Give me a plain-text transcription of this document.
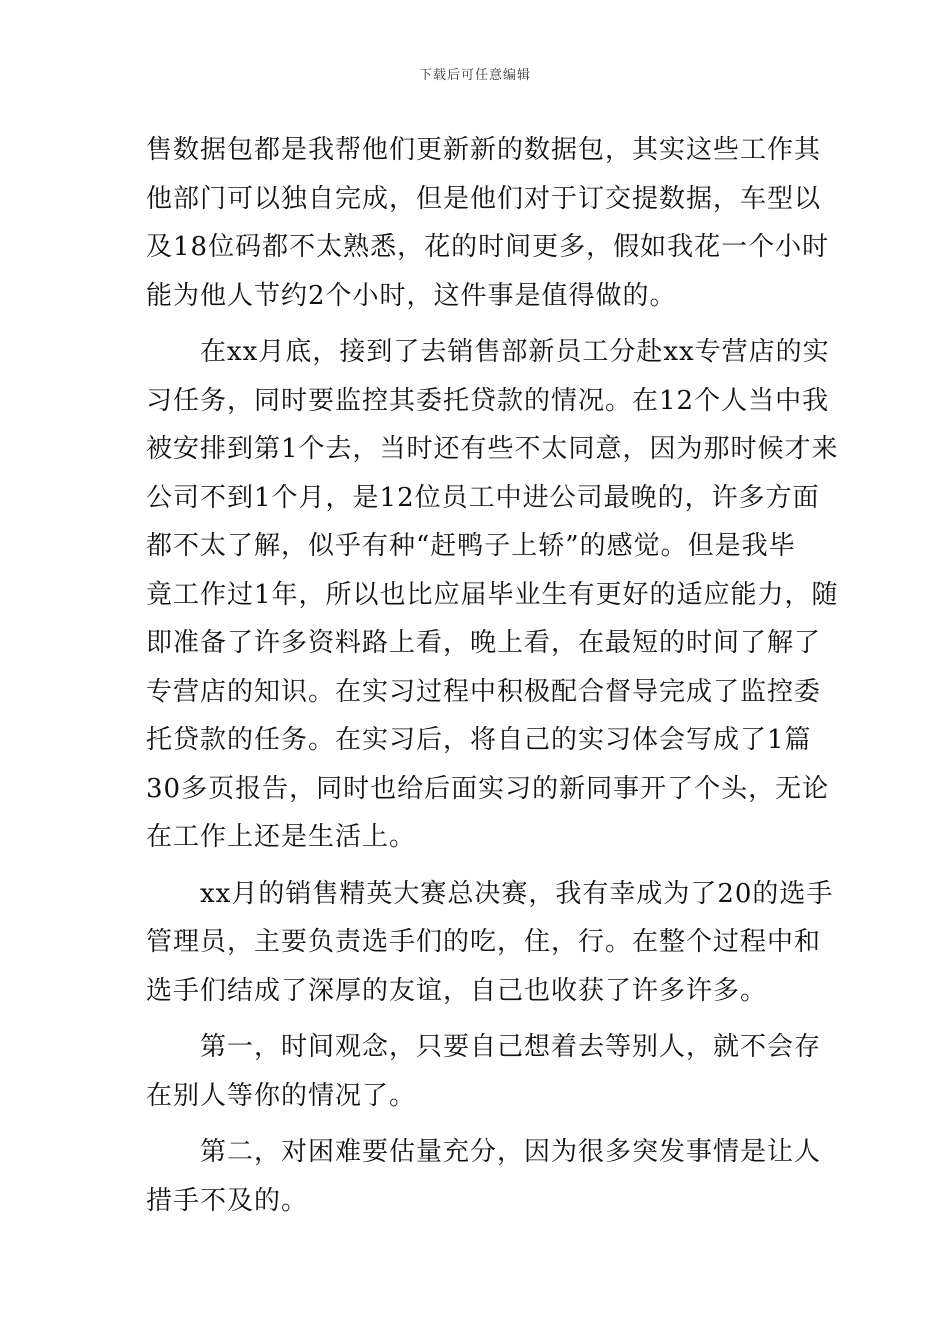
下载后可任意编辑
售数据包都是我帮他们更新新的数据包，其实这些工作其
他部门可以独自完成，但是他们对于订交提数据，车型以
及18位码都不太熟悉，花的时间更多，假如我花一个小时
能为他人节约2个小时，这件事是值得做的。
　　在xx月底，接到了去销售部新员工分赴xx专营店的实
习任务，同时要监控其委托贷款的情况。在12个人当中我
被安排到第1个去，当时还有些不太同意，因为那时候才来
公司不到1个月，是12位员工中进公司最晚的，许多方面
都不太了解，似乎有种“赶鸭子上轿”的感觉。但是我毕
竟工作过1年，所以也比应届毕业生有更好的适应能力，随
即准备了许多资料路上看，晚上看，在最短的时间了解了
专营店的知识。在实习过程中积极配合督导完成了监控委
托贷款的任务。在实习后，将自己的实习体会写成了1篇
30多页报告，同时也给后面实习的新同事开了个头，无论
在工作上还是生活上。
　　xx月的销售精英大赛总决赛，我有幸成为了20的选手
管理员，主要负责选手们的吃，住，行。在整个过程中和
选手们结成了深厚的友谊，自己也收获了许多许多。
　　第一，时间观念，只要自己想着去等别人，就不会存
在别人等你的情况了。
　　第二，对困难要估量充分，因为很多突发事情是让人
措手不及的。
